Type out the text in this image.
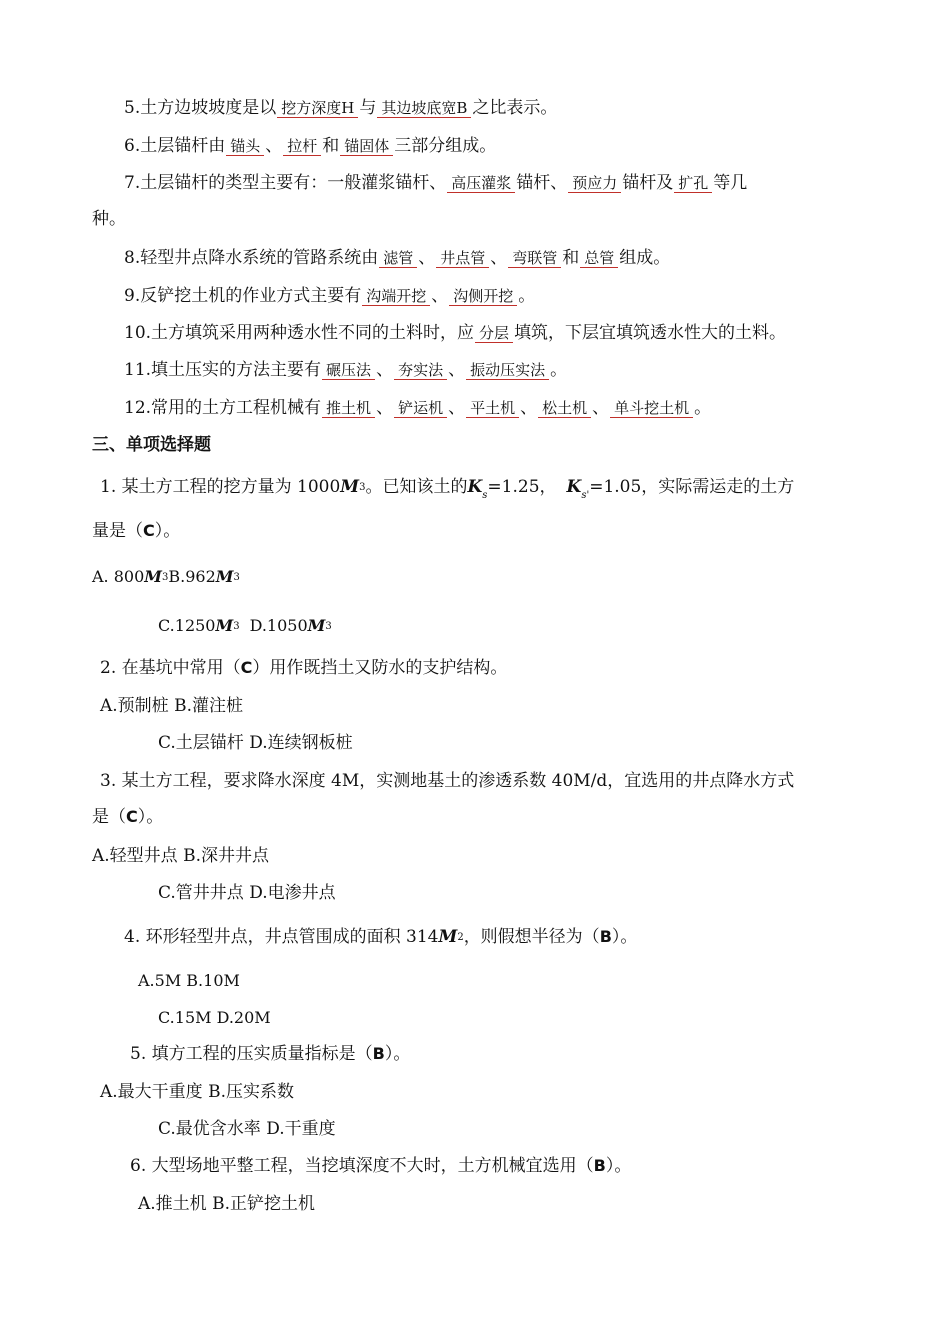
5.土方边坡坡度是以 挖方深度H 与 其边坡底宽B 之比表示。
6.土层锚杆由 锚头 、 拉杆 和 锚固体 三部分组成。
7.土层锚杆的类型主要有：一般灌浆锚杆、 高压灌浆 锚杆、 预应力 锚杆及 扩孔 等几
种。
8.轻型井点降水系统的管路系统由 滤管 、 井点管 、 弯联管 和 总管 组成。
9.反铲挖土机的作业方式主要有 沟端开挖 、 沟侧开挖 。
10.土方填筑采用两种透水性不同的土料时，应 分层 填筑，下层宜填筑透水性大的土料。
11.填土压实的方法主要有 碾压法 、 夯实法 、 振动压实法 。
12.常用的土方工程机械有 推土机 、 铲运机 、 平土机 、 松土机 、 单斗挖土机 。
三、单项选择题
1. 某土方工程的挖方量为 $1000M^3$。已知该土的$K_s=1.25$， $K_{s'}=1.05$，实际需运走的土方
量是（C）。
A. $800M^3B.962M^3$
$C.1250M^3$ $D.1050M^3$
2. 在基坑中常用（C）用作既挡土又防水的支护结构。
A.预制桩 B.灌注桩
C.土层锚杆 D.连续钢板桩
3. 某土方工程，要求降水深度 4M，实测地基土的渗透系数 40M/d，宜选用的井点降水方式
是（C）。
A.轻型井点 B.深井井点
C.管井井点 D.电渗井点
4. 环形轻型井点，井点管围成的面积 $314M^2$，则假想半径为（B）。
A.5M B.10M
C.15M D.20M
5. 填方工程的压实质量指标是（B）。
A.最大干重度 B.压实系数
C.最优含水率 D.干重度
6. 大型场地平整工程，当挖填深度不大时，土方机械宜选用（B）。
A.推土机 B.正铲挖土机
